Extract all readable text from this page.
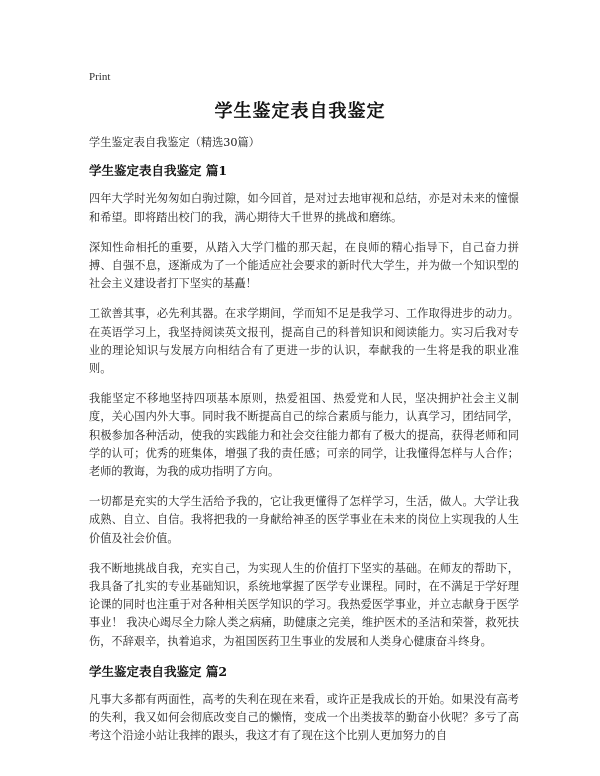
Print
学生鉴定表自我鉴定
学生鉴定表自我鉴定（精选30篇）
学生鉴定表自我鉴定 篇1

四年大学时光匆匆如白驹过隙，如今回首，是对过去地审视和总结，亦是对未来的憧憬和希望。即将踏出校门的我，满心期待大千世界的挑战和磨练。

深知性命相托的重要，从踏入大学门槛的那天起，在良师的精心指导下，自己奋力拼搏、自强不息，逐渐成为了一个能适应社会要求的新时代大学生，并为做一个知识型的社会主义建设者打下坚实的基矗！

工欲善其事，必先利其器。在求学期间，学而知不足是我学习、工作取得进步的动力。在英语学习上，我坚持阅读英文报刊，提高自己的科普知识和阅读能力。实习后我对专业的理论知识与发展方向相结合有了更进一步的认识，奉献我的一生将是我的职业准则。

我能坚定不移地坚持四项基本原则，热爱祖国、热爱党和人民，坚决拥护社会主义制度，关心国内外大事。同时我不断提高自己的综合素质与能力，认真学习，团结同学，积极参加各种活动，使我的实践能力和社会交往能力都有了极大的提高，获得老师和同学的认可；优秀的班集体，增强了我的责任感；可亲的同学，让我懂得怎样与人合作；老师的教诲，为我的成功指明了方向。

一切都是充实的大学生活给予我的，它让我更懂得了怎样学习，生活，做人。大学让我成熟、自立、自信。我将把我的一身献给神圣的医学事业在未来的岗位上实现我的人生价值及社会价值。

我不断地挑战自我，充实自己，为实现人生的价值打下坚实的基础。在师友的帮助下，我具备了扎实的专业基础知识，系统地掌握了医学专业课程。同时，在不满足于学好理论课的同时也注重于对各种相关医学知识的学习。我热爱医学事业，并立志献身于医学事业！ 我决心竭尽全力除人类之病痛，助健康之完美，维护医术的圣洁和荣誉，救死扶伤，不辞艰辛，执着追求，为祖国医药卫生事业的发展和人类身心健康奋斗终身。

学生鉴定表自我鉴定 篇2

凡事大多都有两面性，高考的失利在现在来看，或许正是我成长的开始。如果没有高考的失利，我又如何会彻底改变自己的懒惰，变成一个出类拔萃的勤奋小伙呢？多亏了高考这个沿途小站让我摔的跟头，我这才有了现在这个比别人更加努力的自
